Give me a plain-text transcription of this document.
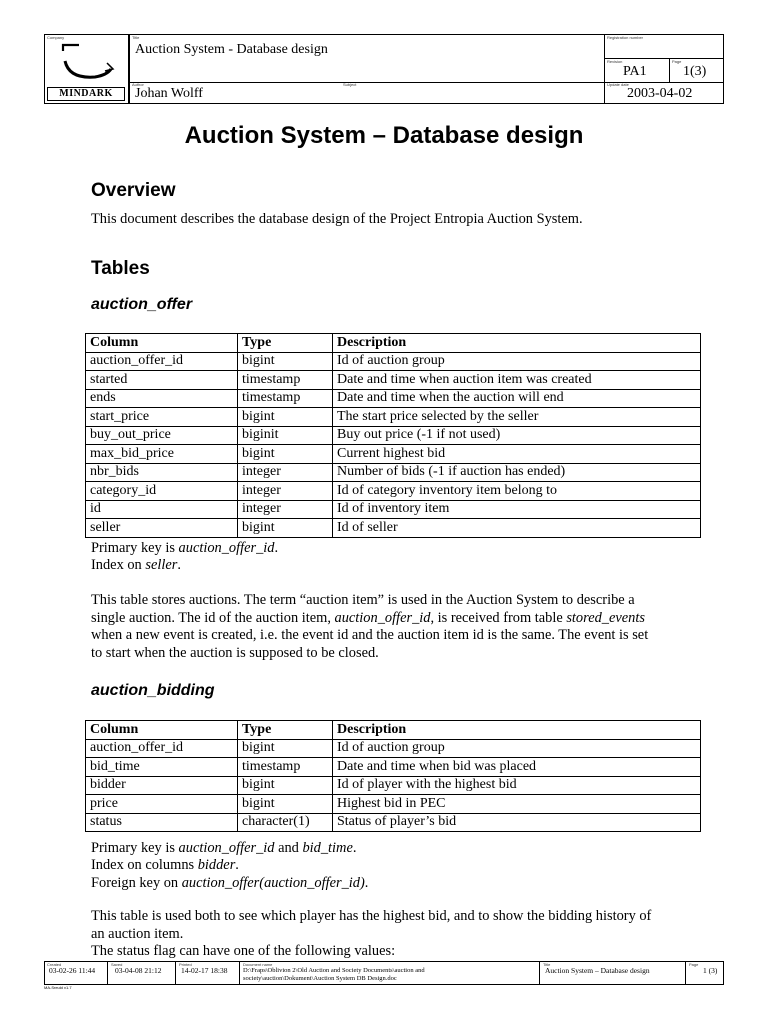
Company
MINDARK
Title
Auction System - Database design
Registration number
Revision
PA1
Page
1(3)
Author
Johan Wolff
Subject	Update date
2003-04-02
Auction System – Database design
Overview
This document describes the database design of the Project Entropia Auction System.
Tables
auction_offer
Column	Type	Description
auction_offer_id	bigint	Id of auction group
started	timestamp	Date and time when auction item was created
ends	timestamp	Date and time when the auction will end
start_price	bigint	The start price selected by the seller
buy_out_price	biginit	Buy out price (-1 if not used)
max_bid_price	bigint	Current highest bid
nbr_bids	integer	Number of bids (-1 if auction has ended)
category_id	integer	Id of category inventory item belong to
id	integer	Id of inventory item
seller	bigint	Id of seller
Primary key is auction_offer_id.
Index on seller.
This table stores auctions. The term “auction item” is used in the Auction System to describe a
single auction. The id of the auction item, auction_offer_id, is received from table stored_events
when a new event is created, i.e. the event id and the auction item id is the same. The event is set
to start when the auction is supposed to be closed.
auction_bidding
Column	Type	Description
auction_offer_id	bigint	Id of auction group
bid_time	timestamp	Date and time when bid was placed
bidder	bigint	Id of player with the highest bid
price	bigint	Highest bid in PEC
status	character(1)	Status of player’s bid
Primary key is auction_offer_id and bid_time.
Index on columns bidder.
Foreign key on auction_offer(auction_offer_id).
This table is used both to see which player has the highest bid, and to show the bidding history of
an auction item.
The status flag can have one of the following values:
Created
03-02-26 11:44
Saved
03-04-08 21:12
Printed
14-02-17 18:38
Document name
D:\Fraps\Oblivion 2\Old Auction and Society Documents\auction and
society\auction\Dokument\Auction System DB Design.doc
Title
Auction System – Database design
Page
1 (3)
MA-Sreuld v1.7
